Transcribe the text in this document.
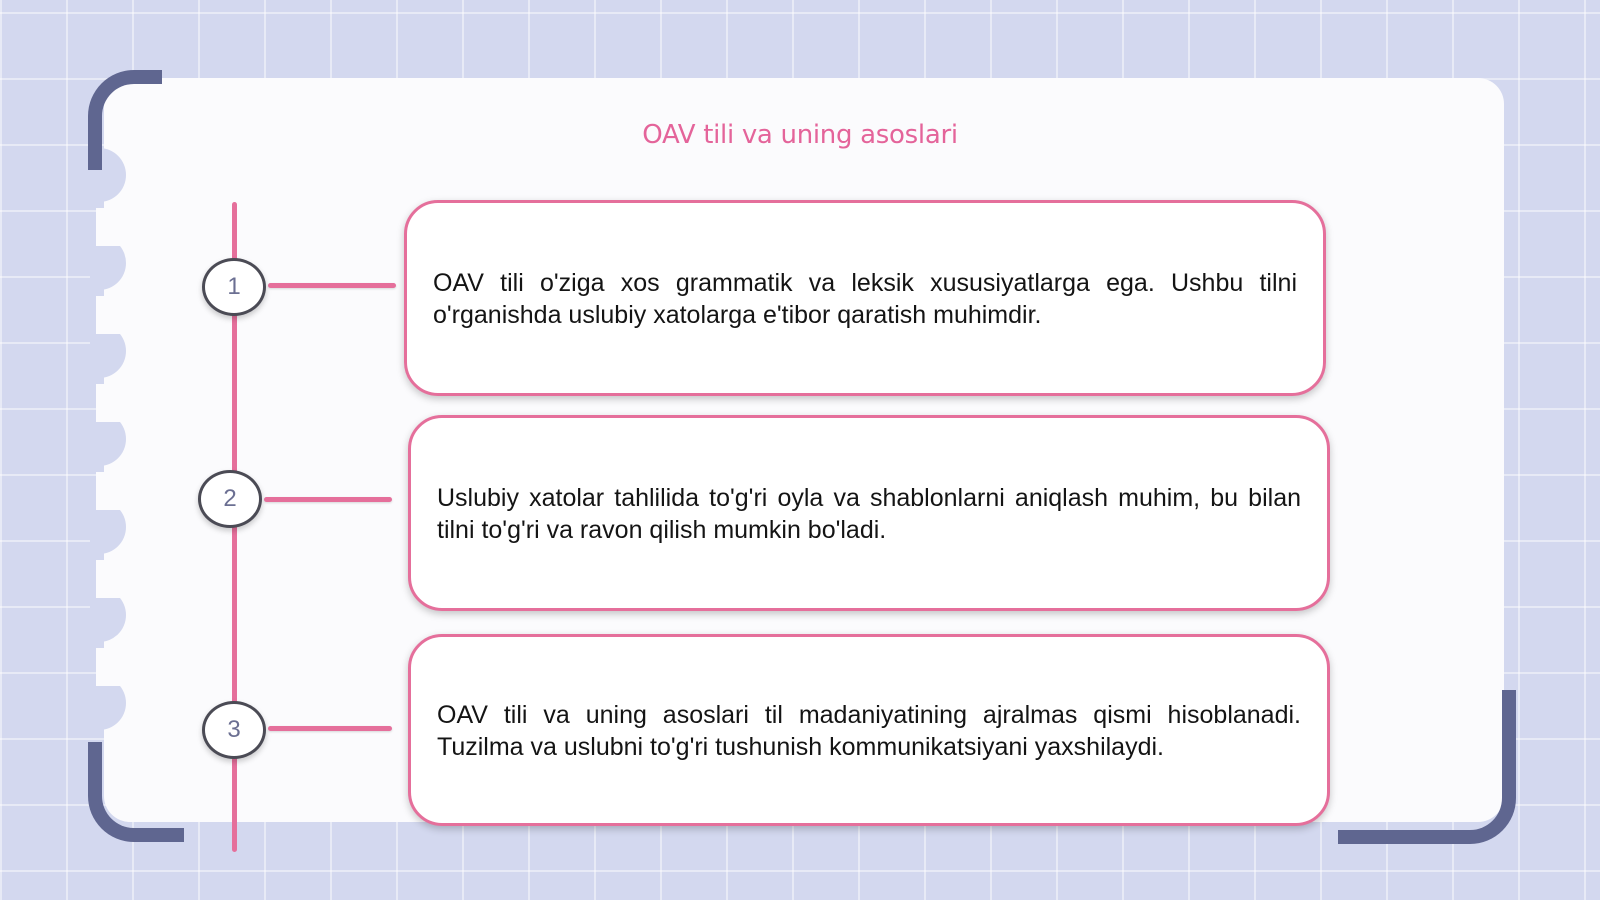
OAV tili va uning asoslari
1	OAV tili o'ziga xos grammatik va leksik xususiyatlarga ega. Ushbu tilni o'rganishda uslubiy xatolarga e'tibor qaratish muhimdir.
2	Uslubiy xatolar tahlilida to'g'ri oyla va shablonlarni aniqlash muhim, bu bilan tilni to'g'ri va ravon qilish mumkin bo'ladi.
3
OAV tili va uning asoslari til madaniyatining ajralmas qismi hisoblanadi. Tuzilma va uslubni to'g'ri tushunish kommunikatsiyani yaxshilaydi.
